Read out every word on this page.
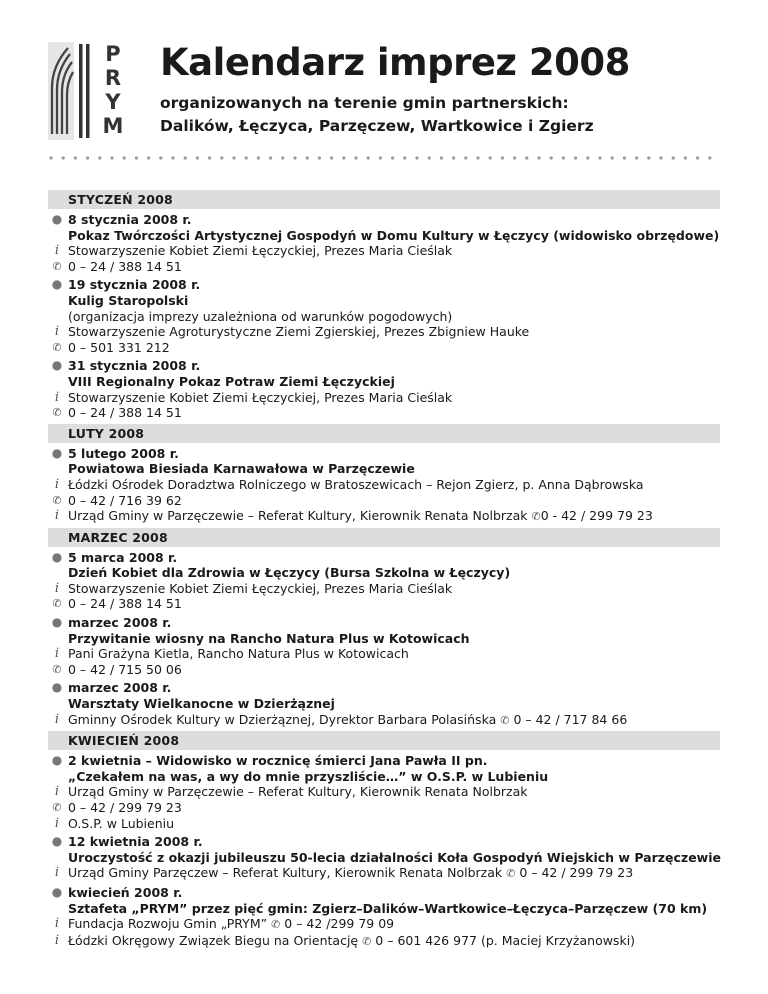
P
R
Y
M
Kalendarz imprez 2008
organizowanych na terenie gmin partnerskich:
Dalików, Łęczyca, Parzęczew, Wartkowice i Zgierz
STYCZEŃ 2008
● 8 stycznia 2008 r.
Pokaz Twórczości Artystycznej Gospodyń w Domu Kultury w Łęczycy (widowisko obrzędowe)
i Stowarzyszenie Kobiet Ziemi Łęczyckiej, Prezes Maria Cieślak
✆ 0 – 24 / 388 14 51
● 19 stycznia 2008 r.
Kulig Staropolski
(organizacja imprezy uzależniona od warunków pogodowych)
i Stowarzyszenie Agroturystyczne Ziemi Zgierskiej, Prezes Zbigniew Hauke
✆ 0 – 501 331 212
● 31 stycznia 2008 r.
VIII Regionalny Pokaz Potraw Ziemi Łęczyckiej
i Stowarzyszenie Kobiet Ziemi Łęczyckiej, Prezes Maria Cieślak
✆ 0 – 24 / 388 14 51
LUTY 2008
● 5 lutego 2008 r.
Powiatowa Biesiada Karnawałowa w Parzęczewie
i Łódzki Ośrodek Doradztwa Rolniczego w Bratoszewicach – Rejon Zgierz, p. Anna Dąbrowska
✆ 0 – 42 / 716 39 62
i Urząd Gminy w Parzęczewie – Referat Kultury, Kierownik Renata Nolbrzak ✆0 - 42 / 299 79 23
MARZEC 2008
● 5 marca 2008 r.
Dzień Kobiet dla Zdrowia w Łęczycy (Bursa Szkolna w Łęczycy)
i Stowarzyszenie Kobiet Ziemi Łęczyckiej, Prezes Maria Cieślak
✆ 0 – 24 / 388 14 51
● marzec 2008 r.
Przywitanie wiosny na Rancho Natura Plus w Kotowicach
i Pani Grażyna Kietla, Rancho Natura Plus w Kotowicach
✆ 0 – 42 / 715 50 06
● marzec 2008 r.
Warsztaty Wielkanocne w Dzierżąznej
i Gminny Ośrodek Kultury w Dzierżąznej, Dyrektor Barbara Polasińska ✆ 0 – 42 / 717 84 66
KWIECIEŃ 2008
● 2 kwietnia – Widowisko w rocznicę śmierci Jana Pawła II pn.
„Czekałem na was, a wy do mnie przyszliście…” w O.S.P. w Lubieniu
i Urząd Gminy w Parzęczewie – Referat Kultury, Kierownik Renata Nolbrzak
✆ 0 – 42 / 299 79 23
i O.S.P. w Lubieniu
● 12 kwietnia 2008 r.
Uroczystość z okazji jubileuszu 50-lecia działalności Koła Gospodyń Wiejskich w Parzęczewie
i Urząd Gminy Parzęczew – Referat Kultury, Kierownik Renata Nolbrzak ✆ 0 – 42 / 299 79 23
● kwiecień 2008 r.
Sztafeta „PRYM” przez pięć gmin: Zgierz–Dalików–Wartkowice–Łęczyca–Parzęczew (70 km)
i Fundacja Rozwoju Gmin „PRYM” ✆ 0 – 42 /299 79 09
i Łódzki Okręgowy Związek Biegu na Orientację ✆ 0 – 601 426 977 (p. Maciej Krzyżanowski)
